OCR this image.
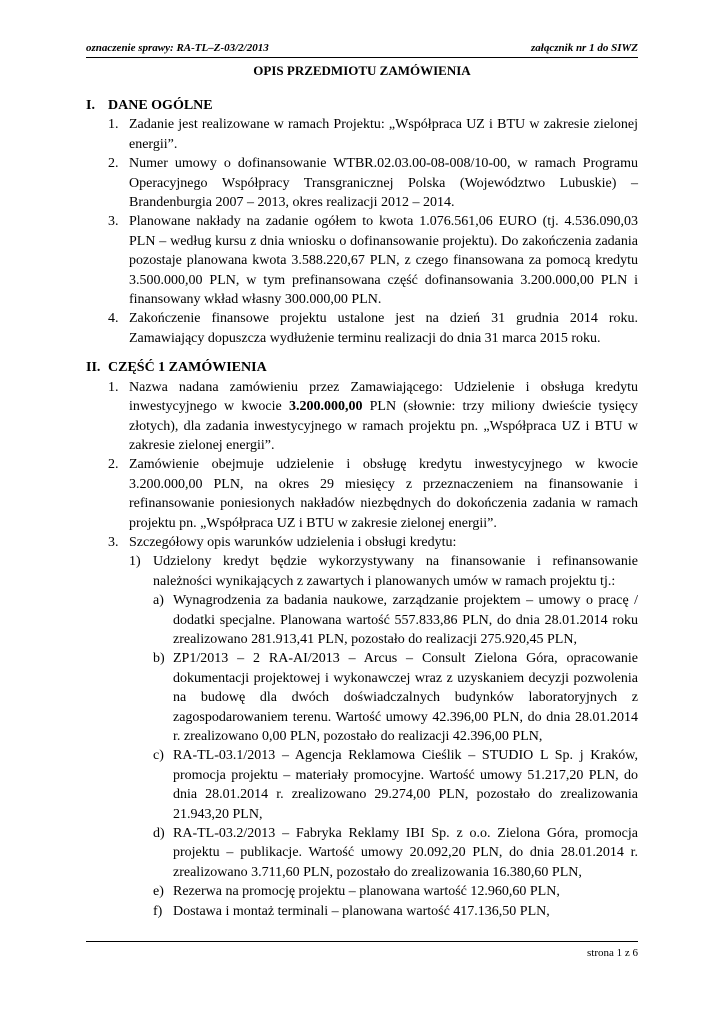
oznaczenie sprawy: RA-TL–Z-03/2/2013	załącznik nr 1 do SIWZ
OPIS PRZEDMIOTU ZAMÓWIENIA
I. DANE OGÓLNE
1. Zadanie jest realizowane w ramach Projektu: „Współpraca UZ i BTU w zakresie zielonej energii”.
2. Numer umowy o dofinansowanie WTBR.02.03.00-08-008/10-00, w ramach Programu Operacyjnego Współpracy Transgranicznej Polska (Województwo Lubuskie) – Brandenburgia 2007 – 2013, okres realizacji 2012 – 2014.
3. Planowane nakłady na zadanie ogółem to kwota 1.076.561,06 EURO (tj. 4.536.090,03 PLN – według kursu z dnia wniosku o dofinansowanie projektu). Do zakończenia zadania pozostaje planowana kwota 3.588.220,67 PLN, z czego finansowana za pomocą kredytu 3.500.000,00 PLN, w tym prefinansowana część dofinansowania 3.200.000,00 PLN i finansowany wkład własny 300.000,00 PLN.
4. Zakończenie finansowe projektu ustalone jest na dzień 31 grudnia 2014 roku. Zamawiający dopuszcza wydłużenie terminu realizacji do dnia 31 marca 2015 roku.
II. CZĘŚĆ 1 ZAMÓWIENIA
1. Nazwa nadana zamówieniu przez Zamawiającego: Udzielenie i obsługa kredytu inwestycyjnego w kwocie 3.200.000,00 PLN (słownie: trzy miliony dwieście tysięcy złotych), dla zadania inwestycyjnego w ramach projektu pn. „Współpraca UZ i BTU w zakresie zielonej energii”.
2. Zamówienie obejmuje udzielenie i obsługę kredytu inwestycyjnego w kwocie 3.200.000,00 PLN, na okres 29 miesięcy z przeznaczeniem na finansowanie i refinansowanie poniesionych nakładów niezbędnych do dokończenia zadania w ramach projektu pn. „Współpraca UZ i BTU w zakresie zielonej energii”.
3. Szczegółowy opis warunków udzielenia i obsługi kredytu:
1) Udzielony kredyt będzie wykorzystywany na finansowanie i refinansowanie należności wynikających z zawartych i planowanych umów w ramach projektu tj.:
a) Wynagrodzenia za badania naukowe, zarządzanie projektem – umowy o pracę / dodatki specjalne. Planowana wartość 557.833,86 PLN, do dnia 28.01.2014 roku zrealizowano 281.913,41 PLN, pozostało do realizacji 275.920,45 PLN,
b) ZP1/2013 – 2 RA-AI/2013 – Arcus – Consult Zielona Góra, opracowanie dokumentacji projektowej i wykonawczej wraz z uzyskaniem decyzji pozwolenia na budowę dla dwóch doświadczalnych budynków laboratoryjnych z zagospodarowaniem terenu. Wartość umowy 42.396,00 PLN, do dnia 28.01.2014 r. zrealizowano 0,00 PLN, pozostało do realizacji 42.396,00 PLN,
c) RA-TL-03.1/2013 – Agencja Reklamowa Cieślik – STUDIO L Sp. j Kraków, promocja projektu – materiały promocyjne. Wartość umowy 51.217,20 PLN, do dnia 28.01.2014 r. zrealizowano 29.274,00 PLN, pozostało do zrealizowania 21.943,20 PLN,
d) RA-TL-03.2/2013 – Fabryka Reklamy IBI Sp. z o.o. Zielona Góra, promocja projektu – publikacje. Wartość umowy 20.092,20 PLN, do dnia 28.01.2014 r. zrealizowano 3.711,60 PLN, pozostało do zrealizowania 16.380,60 PLN,
e) Rezerwa na promocję projektu – planowana wartość 12.960,60 PLN,
f) Dostawa i montaż terminali – planowana wartość 417.136,50 PLN,
strona 1 z 6
